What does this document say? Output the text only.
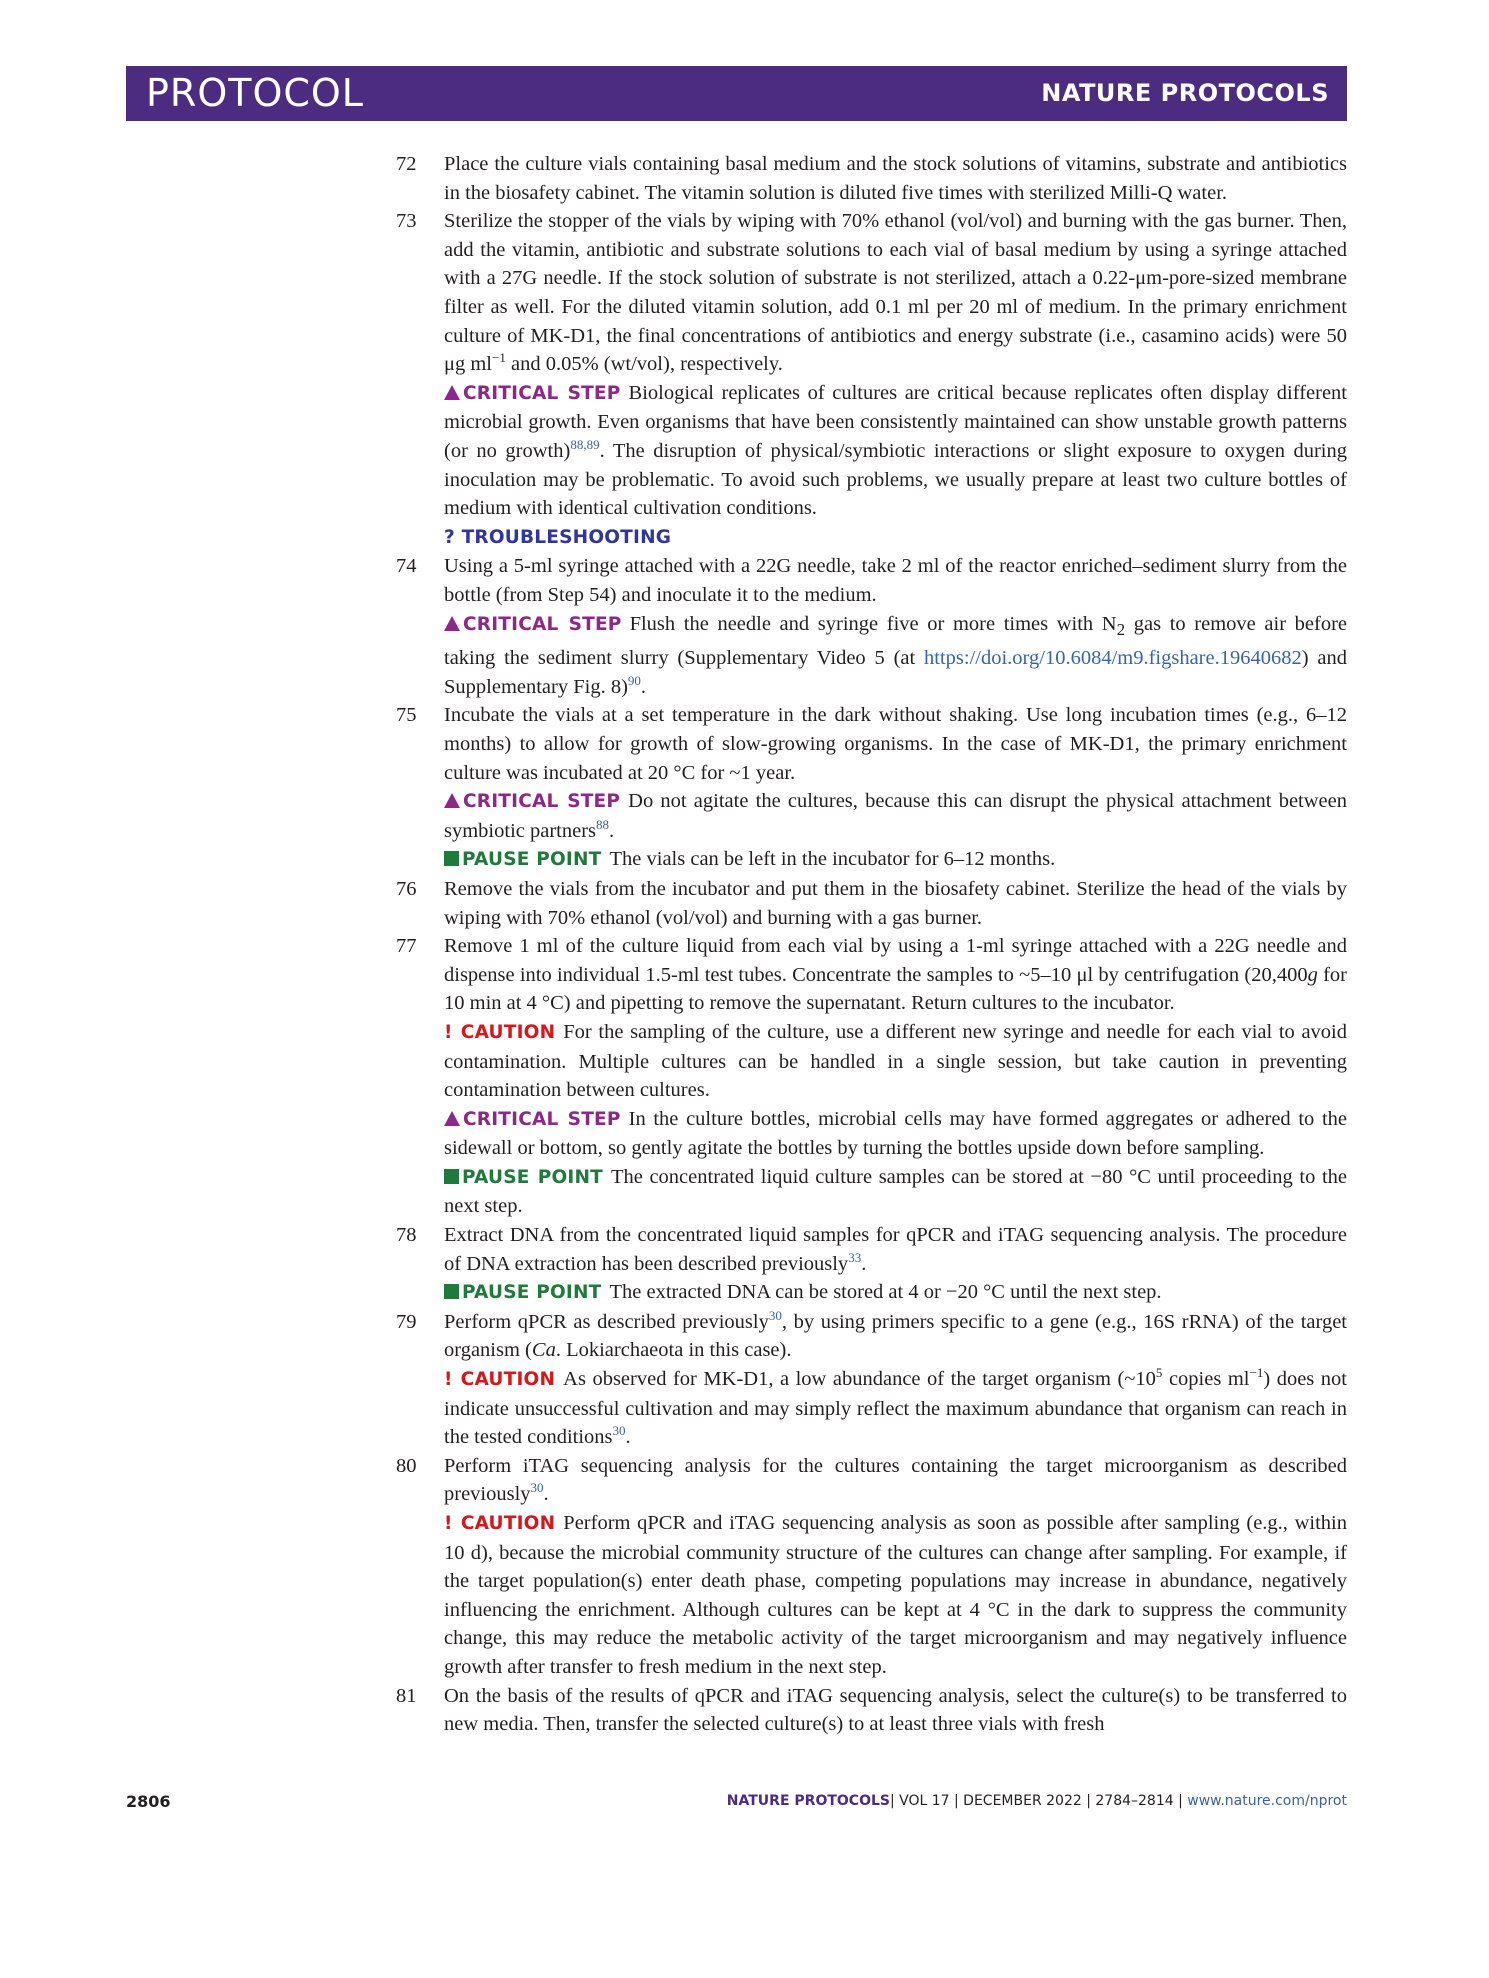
PROTOCOL	NATURE PROTOCOLS
72 Place the culture vials containing basal medium and the stock solutions of vitamins, substrate and antibiotics in the biosafety cabinet. The vitamin solution is diluted five times with sterilized Milli-Q water.
73 Sterilize the stopper of the vials by wiping with 70% ethanol (vol/vol) and burning with the gas burner. Then, add the vitamin, antibiotic and substrate solutions to each vial of basal medium by using a syringe attached with a 27G needle. If the stock solution of substrate is not sterilized, attach a 0.22-μm-pore-sized membrane filter as well. For the diluted vitamin solution, add 0.1 ml per 20 ml of medium. In the primary enrichment culture of MK-D1, the final concentrations of antibiotics and energy substrate (i.e., casamino acids) were 50 μg $ml^{-1}$ and 0.05% (wt/vol), respectively.
CRITICAL STEP Biological replicates of cultures are critical because replicates often display different microbial growth. Even organisms that have been consistently maintained can show unstable growth patterns (or no growth)$^{88,89}$. The disruption of physical/symbiotic interactions or slight exposure to oxygen during inoculation may be problematic. To avoid such problems, we usually prepare at least two culture bottles of medium with identical cultivation conditions.
? TROUBLESHOOTING
74 Using a 5-ml syringe attached with a 22G needle, take 2 ml of the reactor enriched–sediment slurry from the bottle (from Step 54) and inoculate it to the medium.
CRITICAL STEP Flush the needle and syringe five or more times with $N_2$ gas to remove air before taking the sediment slurry (Supplementary Video 5 (at https://doi.org/10.6084/m9.figshare.19640682) and Supplementary Fig. 8)$^{90}$.
75 Incubate the vials at a set temperature in the dark without shaking. Use long incubation times (e.g., 6–12 months) to allow for growth of slow-growing organisms. In the case of MK-D1, the primary enrichment culture was incubated at 20 °C for ~1 year.
CRITICAL STEP Do not agitate the cultures, because this can disrupt the physical attachment between symbiotic partners$^{88}$.
PAUSE POINT The vials can be left in the incubator for 6–12 months.
76 Remove the vials from the incubator and put them in the biosafety cabinet. Sterilize the head of the vials by wiping with 70% ethanol (vol/vol) and burning with a gas burner.
77 Remove 1 ml of the culture liquid from each vial by using a 1-ml syringe attached with a 22G needle and dispense into individual 1.5-ml test tubes. Concentrate the samples to ~5–10 μl by centrifugation (20,400g for 10 min at 4 °C) and pipetting to remove the supernatant. Return cultures to the incubator.
! CAUTION For the sampling of the culture, use a different new syringe and needle for each vial to avoid contamination. Multiple cultures can be handled in a single session, but take caution in preventing contamination between cultures.
CRITICAL STEP In the culture bottles, microbial cells may have formed aggregates or adhered to the sidewall or bottom, so gently agitate the bottles by turning the bottles upside down before sampling.
PAUSE POINT The concentrated liquid culture samples can be stored at −80 °C until proceeding to the next step.
78 Extract DNA from the concentrated liquid samples for qPCR and iTAG sequencing analysis. The procedure of DNA extraction has been described previously$^{33}$.
PAUSE POINT The extracted DNA can be stored at 4 or −20 °C until the next step.
79 Perform qPCR as described previously$^{30}$, by using primers specific to a gene (e.g., 16S rRNA) of the target organism (Ca. Lokiarchaeota in this case).
! CAUTION As observed for MK-D1, a low abundance of the target organism ($\sim 10^5$ copies $ml^{-1}$) does not indicate unsuccessful cultivation and may simply reflect the maximum abundance that organism can reach in the tested conditions$^{30}$.
80 Perform iTAG sequencing analysis for the cultures containing the target microorganism as described previously$^{30}$.
! CAUTION Perform qPCR and iTAG sequencing analysis as soon as possible after sampling (e.g., within 10 d), because the microbial community structure of the cultures can change after sampling. For example, if the target population(s) enter death phase, competing populations may increase in abundance, negatively influencing the enrichment. Although cultures can be kept at 4 °C in the dark to suppress the community change, this may reduce the metabolic activity of the target microorganism and may negatively influence growth after transfer to fresh medium in the next step.
81 On the basis of the results of qPCR and iTAG sequencing analysis, select the culture(s) to be transferred to new media. Then, transfer the selected culture(s) to at least three vials with fresh
2806	NATURE PROTOCOLS| VOL 17 | DECEMBER 2022 | 2784–2814 | www.nature.com/nprot
